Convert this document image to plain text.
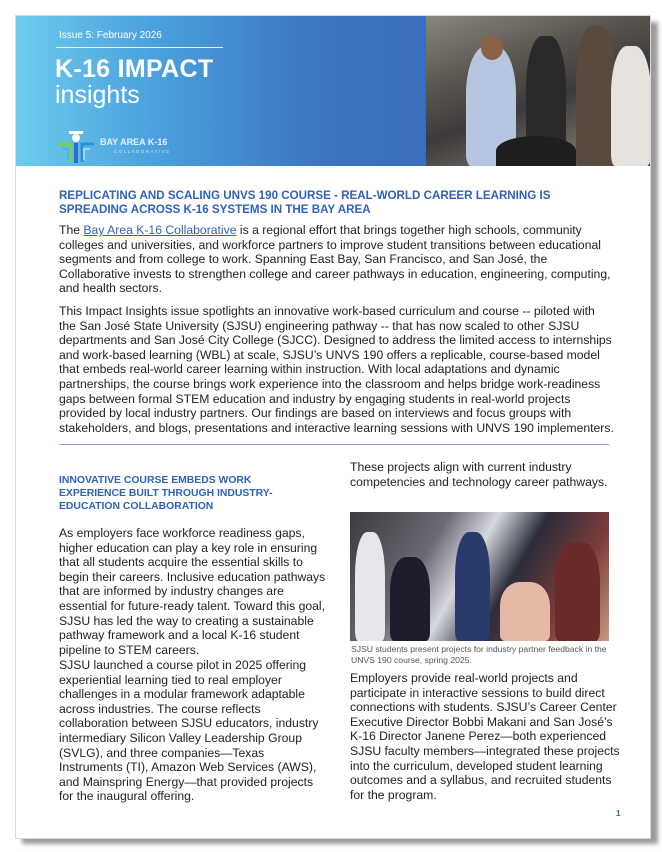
Issue 5: February 2026
K-16 IMPACT
insights
BAY AREA K-16
COLLABORATIVE
REPLICATING AND SCALING UNVS 190 COURSE - REAL-WORLD CAREER LEARNING IS SPREADING ACROSS K-16 SYSTEMS IN THE BAY AREA
The Bay Area K-16 Collaborative is a regional effort that brings together high schools, community colleges and universities, and workforce partners to improve student transitions between educational segments and from college to work. Spanning East Bay, San Francisco, and San José, the Collaborative invests to strengthen college and career pathways in education, engineering, computing, and health sectors.
This Impact Insights issue spotlights an innovative work-based curriculum and course -- piloted with the San José State University (SJSU) engineering pathway -- that has now scaled to other SJSU departments and San José City College (SJCC). Designed to address the limited access to internships and work-based learning (WBL) at scale, SJSU’s UNVS 190 offers a replicable, course-based model that embeds real-world career learning within instruction. With local adaptations and dynamic partnerships, the course brings work experience into the classroom and helps bridge work-readiness gaps between formal STEM education and industry by engaging students in real-world projects provided by local industry partners. Our findings are based on interviews and focus groups with stakeholders, and blogs, presentations and interactive learning sessions with UNVS 190 implementers.
INNOVATIVE COURSE EMBEDS WORK EXPERIENCE BUILT THROUGH INDUSTRY-EDUCATION COLLABORATION
As employers face workforce readiness gaps, higher education can play a key role in ensuring that all students acquire the essential skills to begin their careers. Inclusive education pathways that are informed by industry changes are essential for future-ready talent. Toward this goal, SJSU has led the way to creating a sustainable pathway framework and a local K-16 student pipeline to STEM careers.
SJSU launched a course pilot in 2025 offering experiential learning tied to real employer challenges in a modular framework adaptable across industries. The course reflects collaboration between SJSU educators, industry intermediary Silicon Valley Leadership Group (SVLG), and three companies—Texas Instruments (TI), Amazon Web Services (AWS), and Mainspring Energy—that provided projects for the inaugural offering.
These projects align with current industry competencies and technology career pathways.
SJSU students present projects for industry partner feedback in the UNVS 190 course, spring 2025.
Employers provide real-world projects and participate in interactive sessions to build direct connections with students. SJSU’s Career Center Executive Director Bobbi Makani and San José’s K-16 Director Janene Perez—both experienced SJSU faculty members—integrated these projects into the curriculum, developed student learning outcomes and a syllabus, and recruited students for the program.
1
